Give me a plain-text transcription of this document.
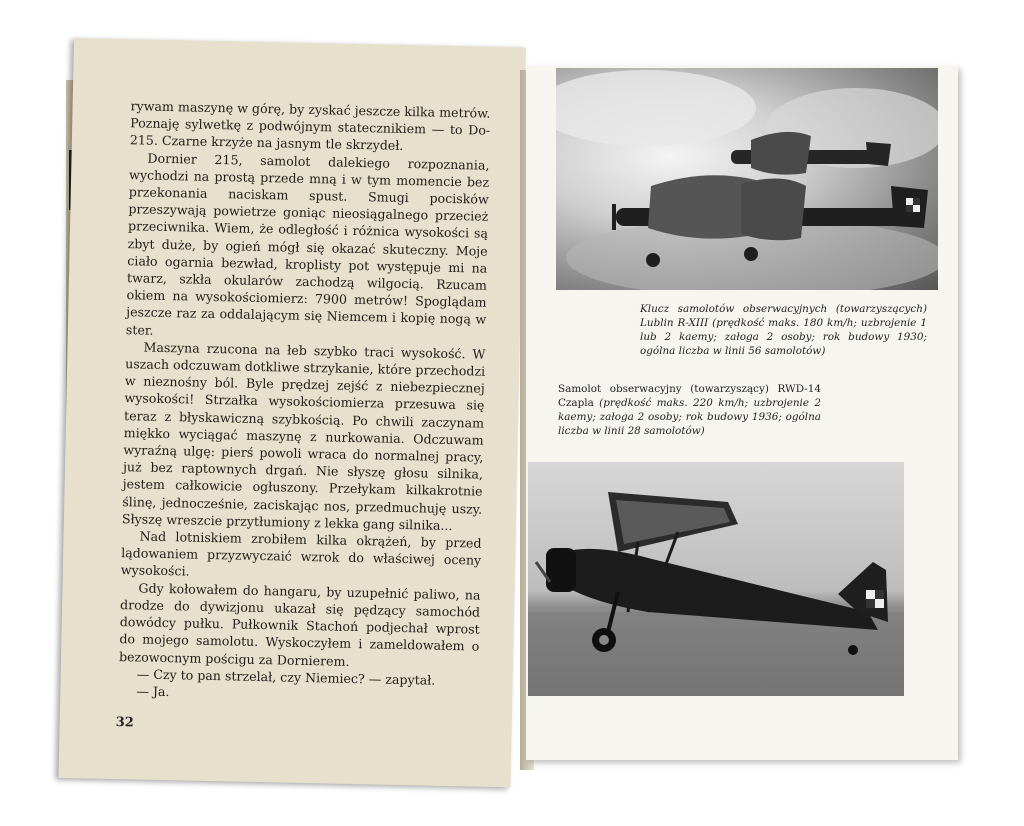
rywam maszynę w górę, by zyskać jeszcze kilka metrów. Poznaję sylwetkę z podwójnym statecznikiem — to Do-215. Czarne krzyże na jasnym tle skrzydeł.

Dornier 215, samolot dalekiego rozpoznania, wychodzi na prostą przede mną i w tym momencie bez przekonania naciskam spust. Smugi pocisków przeszywają powietrze goniąc nieosiągalnego przecież przeciwnika. Wiem, że odległość i różnica wysokości są zbyt duże, by ogień mógł się okazać skuteczny. Moje ciało ogarnia bezwład, kroplisty pot występuje mi na twarz, szkła okularów zachodzą wilgocią. Rzucam okiem na wysokościomierz: 7900 metrów! Spoglądam jeszcze raz za oddalającym się Niemcem i kopię nogą w ster.

Maszyna rzucona na łeb szybko traci wysokość. W uszach odczuwam dotkliwe strzykanie, które przechodzi w nieznośny ból. Byle prędzej zejść z niebezpiecznej wysokości! Strzałka wysokościomierza przesuwa się teraz z błyskawiczną szybkością. Po chwili zaczynam miękko wyciągać maszynę z nurkowania. Odczuwam wyraźną ulgę: pierś powoli wraca do normalnej pracy, już bez raptownych drgań. Nie słyszę głosu silnika, jestem całkowicie ogłuszony. Przełykam kilkakrotnie ślinę, jednocześnie, zaciskając nos, przedmuchuję uszy. Słyszę wreszcie przytłumiony z lekka gang silnika...

Nad lotniskiem zrobiłem kilka okrążeń, by przed lądowaniem przyzwyczaić wzrok do właściwej oceny wysokości.

Gdy kołowałem do hangaru, by uzupełnić paliwo, na drodze do dywizjonu ukazał się pędzący samochód dowódcy pułku. Pułkownik Stachoń podjechał wprost do mojego samolotu. Wyskoczyłem i zameldowałem o bezowocnym pościgu za Dornierem.

— Czy to pan strzelał, czy Niemiec? — zapytał.

— Ja.

32
Klucz samolotów obserwacyjnych (towarzyszących) Lublin R-XIII (prędkość maks. 180 km/h; uzbrojenie 1 lub 2 kaemy; załoga 2 osoby; rok budowy 1930; ogólna liczba w linii 56 samolotów)
Samolot obserwacyjny (towarzyszący) RWD-14 Czapla (prędkość maks. 220 km/h; uzbrojenie 2 kaemy; załoga 2 osoby; rok budowy 1936; ogólna liczba w linii 28 samolotów)
